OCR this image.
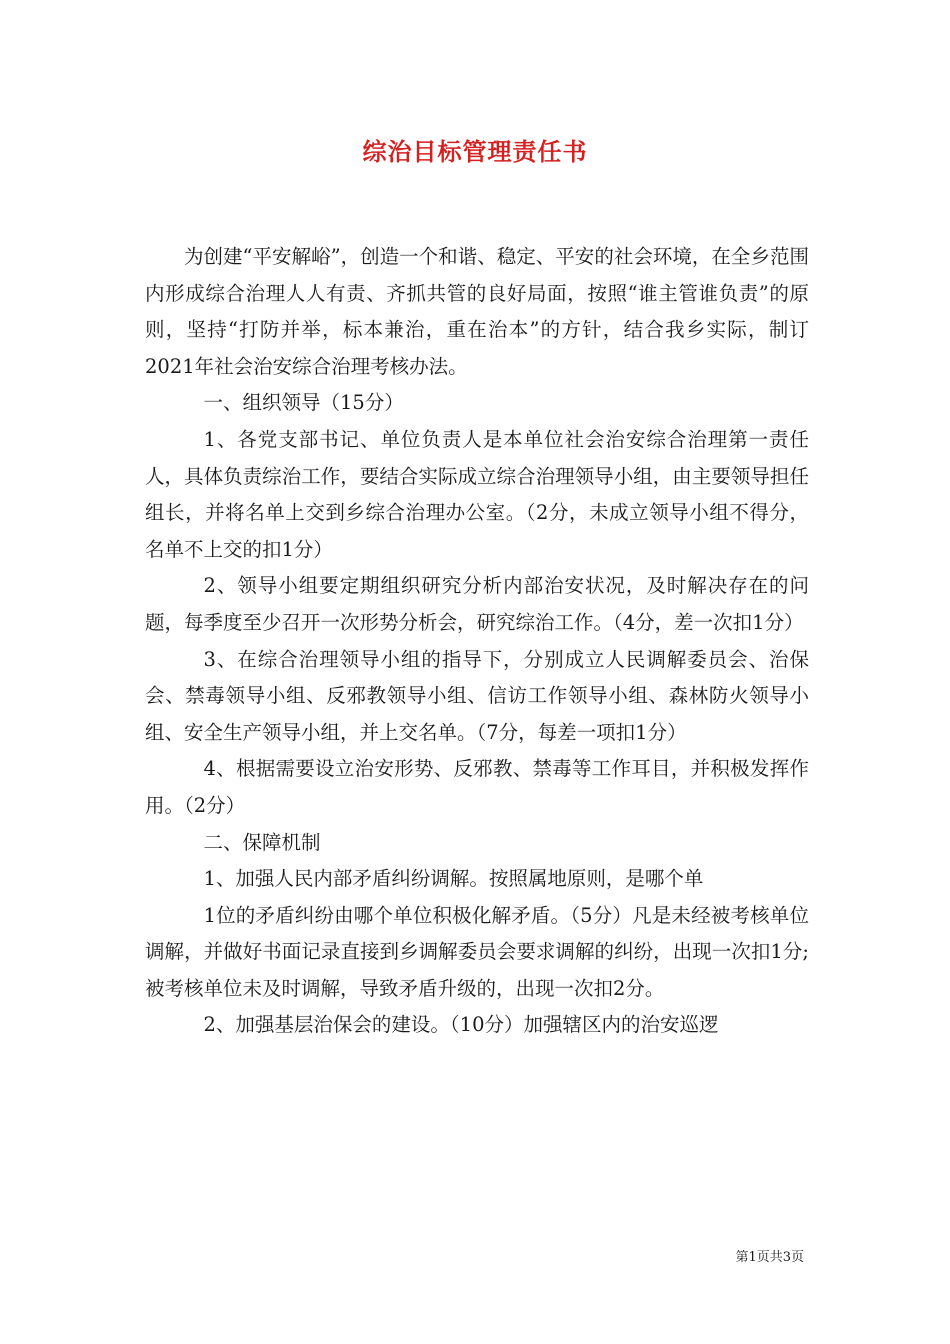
综治目标管理责任书

为创建“平安解峪”，创造一个和谐、稳定、平安的社会环境，在全乡范围内形成综合治理人人有责、齐抓共管的良好局面，按照“谁主管谁负责”的原则，坚持“打防并举，标本兼治，重在治本”的方针，结合我乡实际，制订2021年社会治安综合治理考核办法。

一、组织领导（15分）

1、各党支部书记、单位负责人是本单位社会治安综合治理第一责任人，具体负责综治工作，要结合实际成立综合治理领导小组，由主要领导担任组长，并将名单上交到乡综合治理办公室。（2分，未成立领导小组不得分，名单不上交的扣1分）

2、领导小组要定期组织研究分析内部治安状况，及时解决存在的问题，每季度至少召开一次形势分析会，研究综治工作。（4分，差一次扣1分）

3、在综合治理领导小组的指导下，分别成立人民调解委员会、治保会、禁毒领导小组、反邪教领导小组、信访工作领导小组、森林防火领导小组、安全生产领导小组，并上交名单。（7分，每差一项扣1分）

4、根据需要设立治安形势、反邪教、禁毒等工作耳目，并积极发挥作用。（2分）

二、保障机制

1、加强人民内部矛盾纠纷调解。按照属地原则，是哪个单

1位的矛盾纠纷由哪个单位积极化解矛盾。（5分）凡是未经被考核单位调解，并做好书面记录直接到乡调解委员会要求调解的纠纷，出现一次扣1分;被考核单位未及时调解，导致矛盾升级的，出现一次扣2分。

2、加强基层治保会的建设。（10分）加强辖区内的治安巡逻

第1页共3页
